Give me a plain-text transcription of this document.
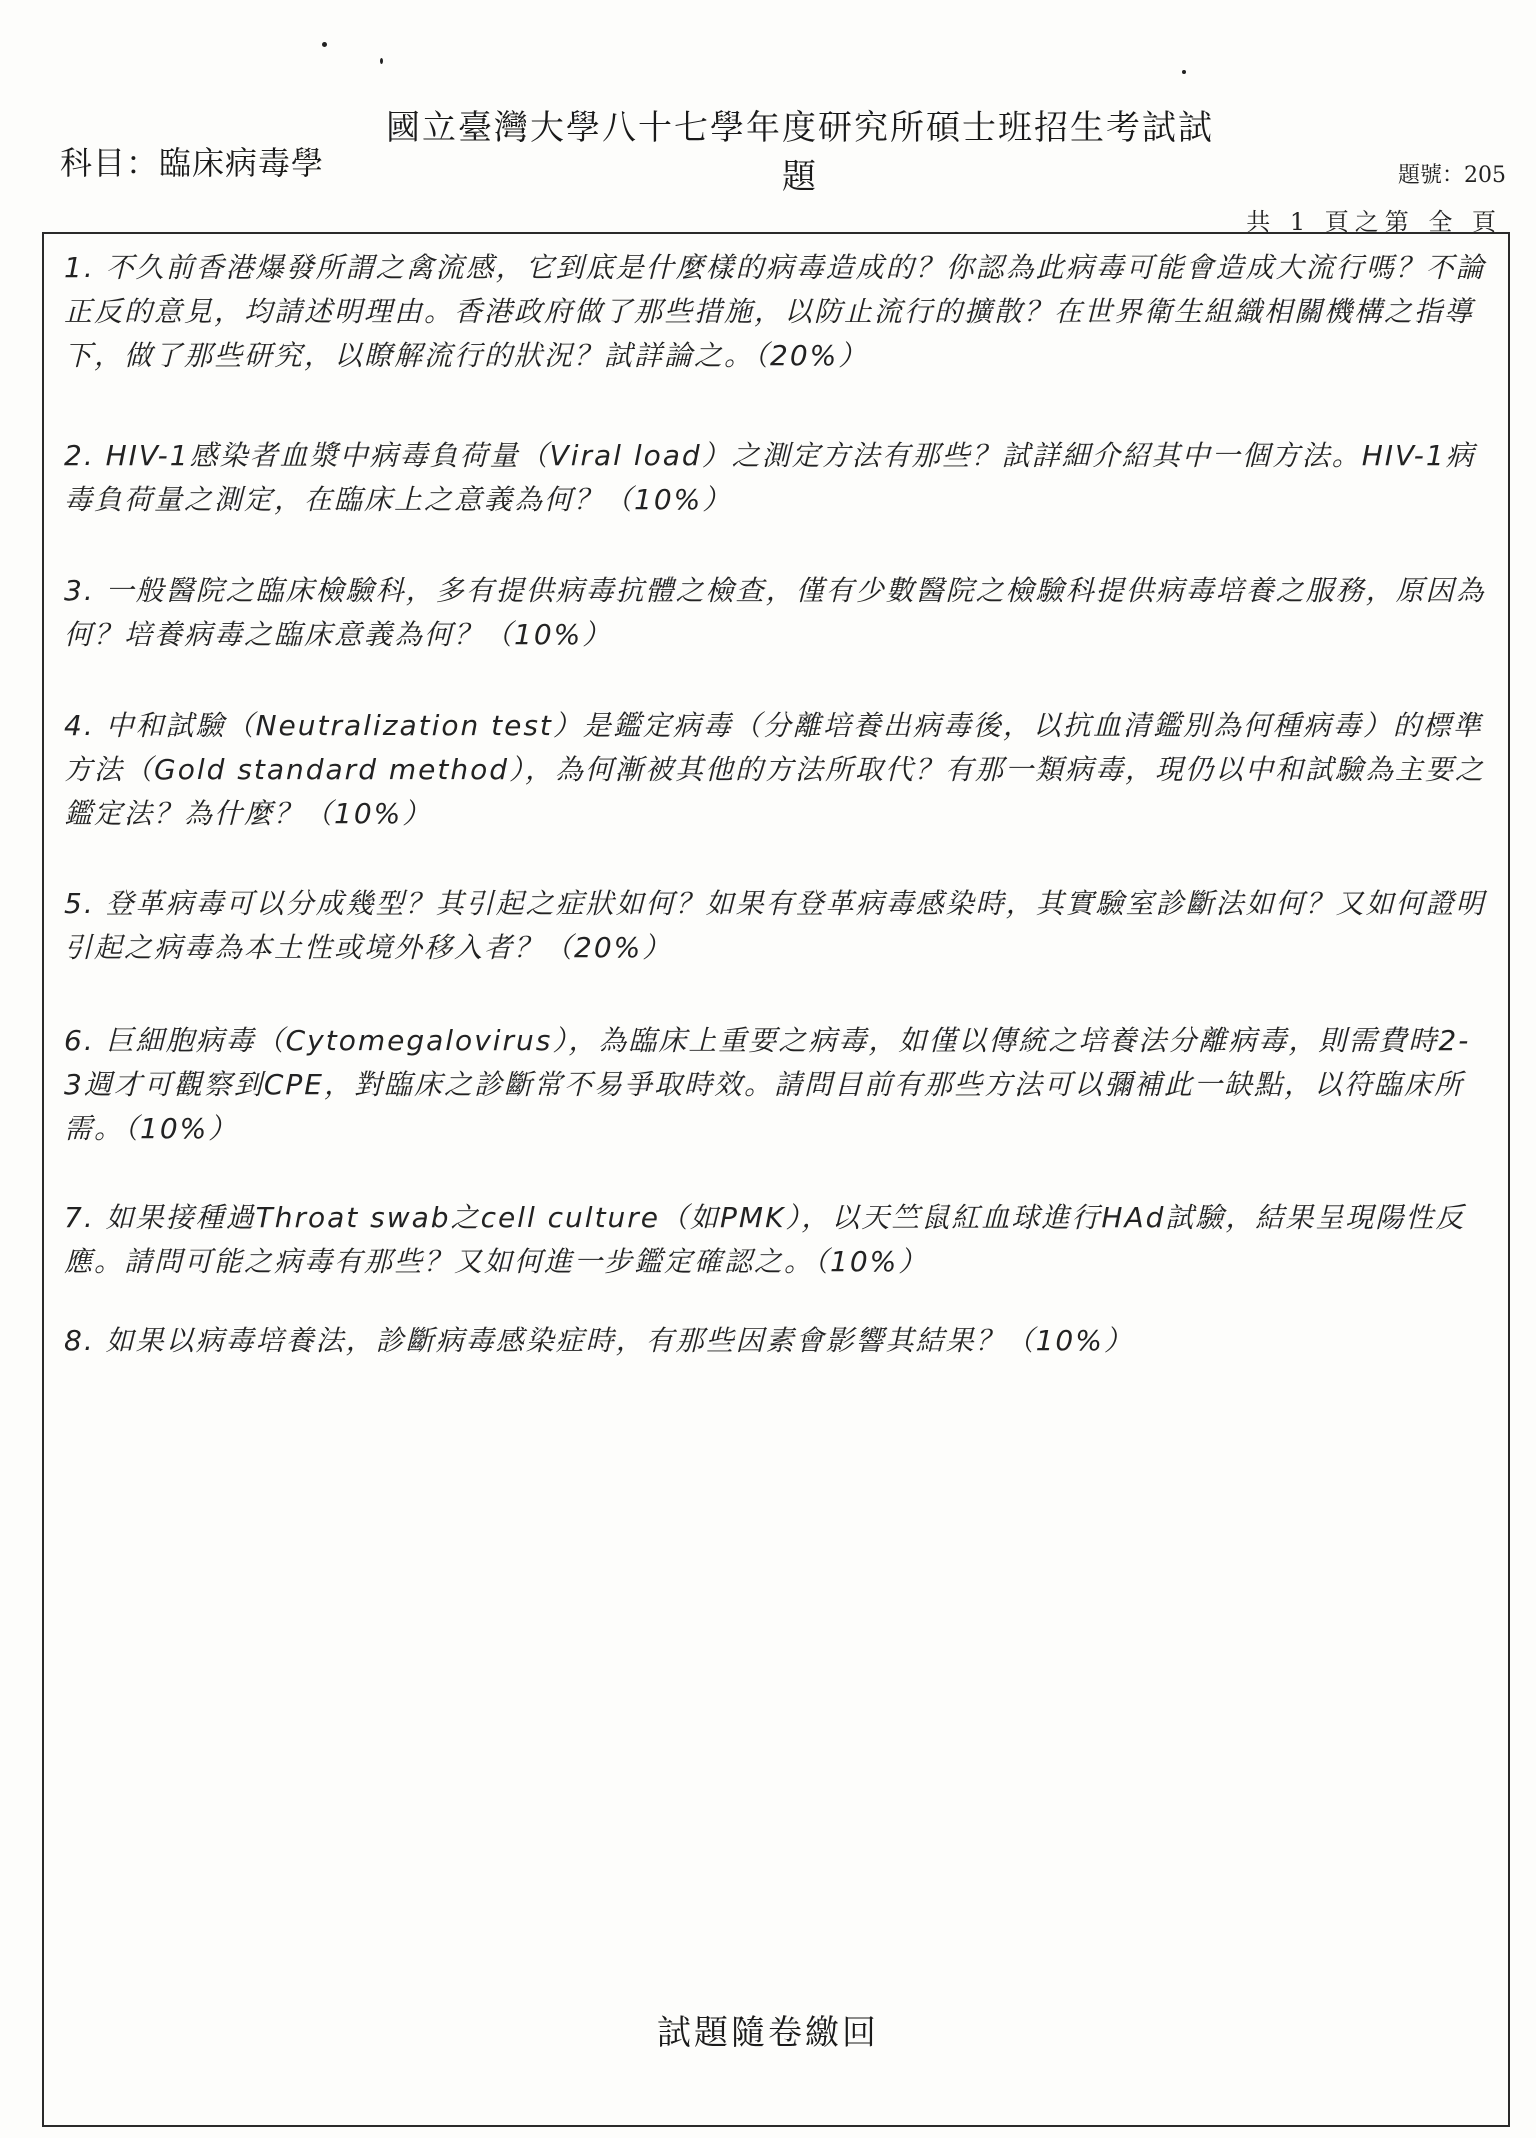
國立臺灣大學八十七學年度研究所碩士班招生考試試題
科目：臨床病毒學	題號：205
共 1 頁之第 全 頁
1. 不久前香港爆發所謂之禽流感，它到底是什麼樣的病毒造成的？你認為此病毒可能會造成大流行嗎？不論正反的意見，均請述明理由。香港政府做了那些措施，以防止流行的擴散？在世界衛生組織相關機構之指導下，做了那些研究，以瞭解流行的狀況？試詳論之。（20%）
2. HIV-1感染者血漿中病毒負荷量（Viral load）之測定方法有那些？試詳細介紹其中一個方法。HIV-1病毒負荷量之測定，在臨床上之意義為何？（10%）
3. 一般醫院之臨床檢驗科，多有提供病毒抗體之檢查，僅有少數醫院之檢驗科提供病毒培養之服務，原因為何？培養病毒之臨床意義為何？（10%）
4. 中和試驗（Neutralization test）是鑑定病毒（分離培養出病毒後，以抗血清鑑別為何種病毒）的標準方法（Gold standard method），為何漸被其他的方法所取代？有那一類病毒，現仍以中和試驗為主要之鑑定法？為什麼？（10%）
5. 登革病毒可以分成幾型？其引起之症狀如何？如果有登革病毒感染時，其實驗室診斷法如何？又如何證明引起之病毒為本土性或境外移入者？（20%）
6. 巨細胞病毒（Cytomegalovirus），為臨床上重要之病毒，如僅以傳統之培養法分離病毒，則需費時2-3週才可觀察到CPE，對臨床之診斷常不易爭取時效。請問目前有那些方法可以彌補此一缺點，以符臨床所需。（10%）
7. 如果接種過Throat swab之cell culture（如PMK），以天竺鼠紅血球進行HAd試驗，結果呈現陽性反應。請問可能之病毒有那些？又如何進一步鑑定確認之。（10%）
8. 如果以病毒培養法，診斷病毒感染症時，有那些因素會影響其結果？（10%）
試題隨卷繳回
